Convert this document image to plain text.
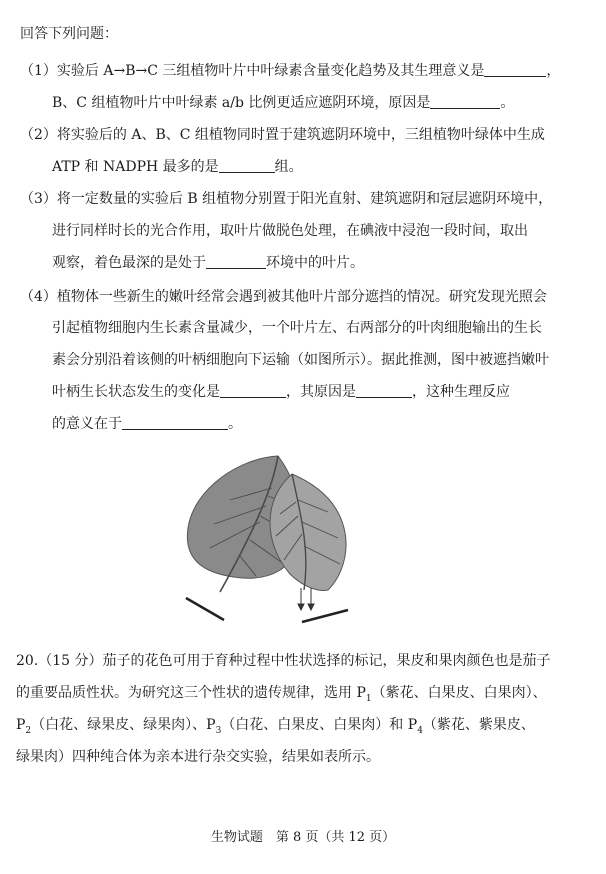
回答下列问题：
（1）实验后 A→B→C 三组植物叶片中叶绿素含量变化趋势及其生理意义是	，
B、C 组植物叶片中叶绿素 a/b 比例更适应遮阴环境，原因是	。
（2）将实验后的 A、B、C 组植物同时置于建筑遮阴环境中，三组植物叶绿体中生成
ATP 和 NADPH 最多的是	组。
（3）将一定数量的实验后 B 组植物分别置于阳光直射、建筑遮阴和冠层遮阴环境中，
进行同样时长的光合作用，取叶片做脱色处理，在碘液中浸泡一段时间，取出
观察，着色最深的是处于	环境中的叶片。
（4）植物体一些新生的嫩叶经常会遇到被其他叶片部分遮挡的情况。研究发现光照会
引起植物细胞内生长素含量减少，一个叶片左、右两部分的叶肉细胞输出的生长
素会分别沿着该侧的叶柄细胞向下运输（如图所示）。据此推测，图中被遮挡嫩叶
叶柄生长状态发生的变化是	，其原因是	，这种生理反应
的意义在于	。
20.（15 分）茄子的花色可用于育种过程中性状选择的标记，果皮和果肉颜色也是茄子
的重要品质性状。为研究这三个性状的遗传规律，选用 $P_1$（紫花、白果皮、白果肉）、
$P_2$（白花、绿果皮、绿果肉）、$P_3$（白花、白果皮、白果肉）和 $P_4$（紫花、紫果皮、
绿果肉）四种纯合体为亲本进行杂交实验，结果如表所示。
生物试题　第 8 页（共 12 页）
